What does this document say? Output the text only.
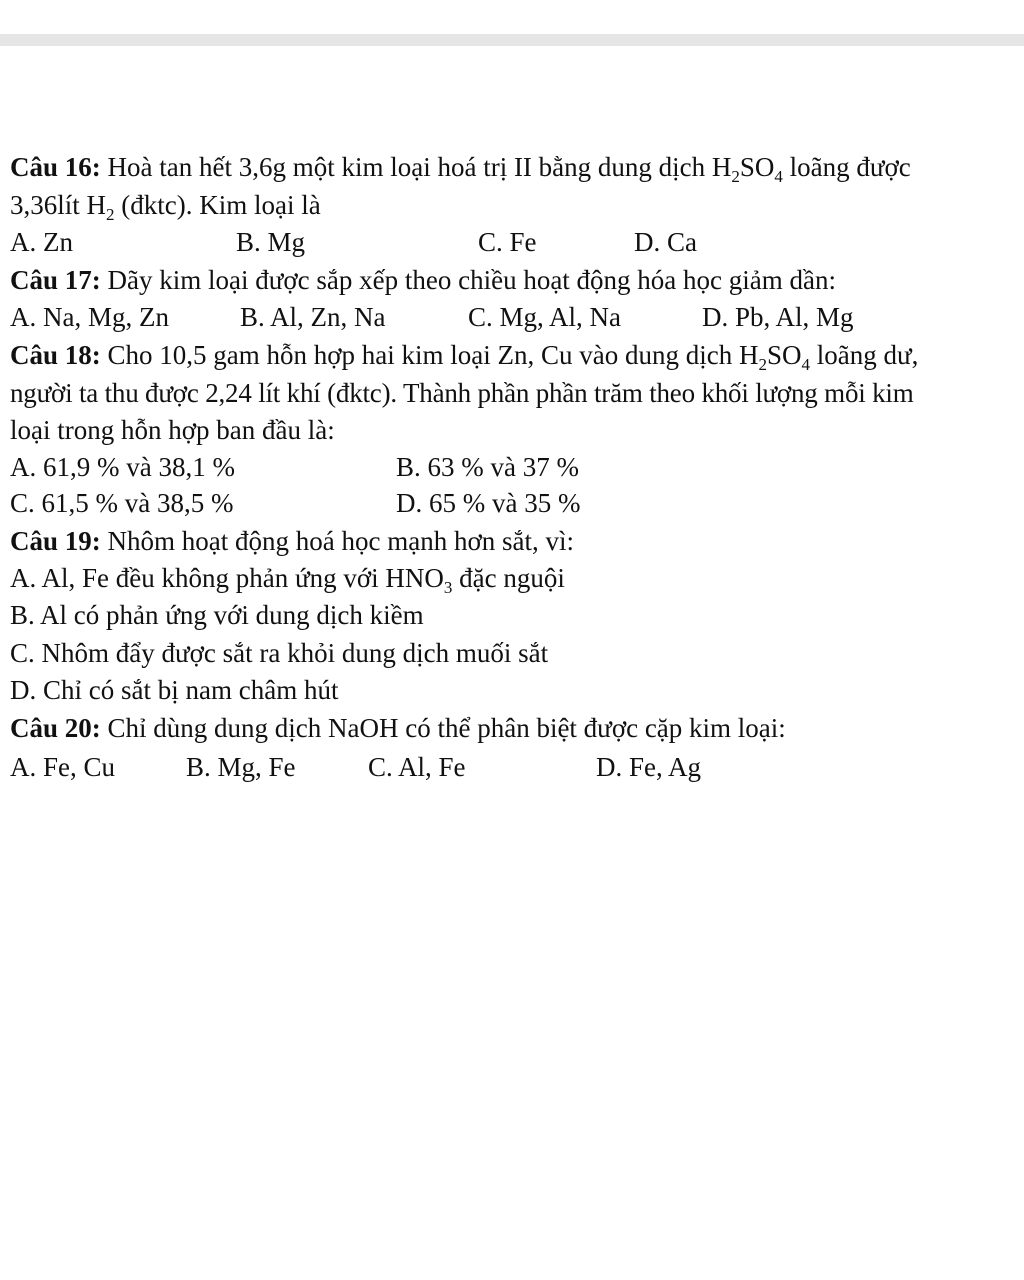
Câu 16: Hoà tan hết 3,6g một kim loại hoá trị II bằng dung dịch $H_2SO_4$ loãng được
3,36lít $H_2$ (đktc). Kim loại là
A. Zn	B. Mg	C. Fe	D. Ca
Câu 17: Dãy kim loại được sắp xếp theo chiều hoạt động hóa học giảm dần:
A. Na, Mg, Zn	B. Al, Zn, Na	C. Mg, Al, Na	D. Pb, Al, Mg
Câu 18: Cho 10,5 gam hỗn hợp hai kim loại Zn, Cu vào dung dịch $H_2SO_4$ loãng dư,
người ta thu được 2,24 lít khí (đktc). Thành phần phần trăm theo khối lượng mỗi kim
loại trong hỗn hợp ban đầu là:
A. 61,9 % và 38,1 %	B. 63 % và 37 %
C. 61,5 % và 38,5 %	D. 65 % và 35 %
Câu 19: Nhôm hoạt động hoá học mạnh hơn sắt, vì:
A. Al, Fe đều không phản ứng với $HNO_3$ đặc nguội
B. Al có phản ứng với dung dịch kiềm
C. Nhôm đẩy được sắt ra khỏi dung dịch muối sắt
D. Chỉ có sắt bị nam châm hút
Câu 20: Chỉ dùng dung dịch NaOH có thể phân biệt được cặp kim loại:
A. Fe, Cu	B. Mg, Fe	C. Al, Fe	D. Fe, Ag
